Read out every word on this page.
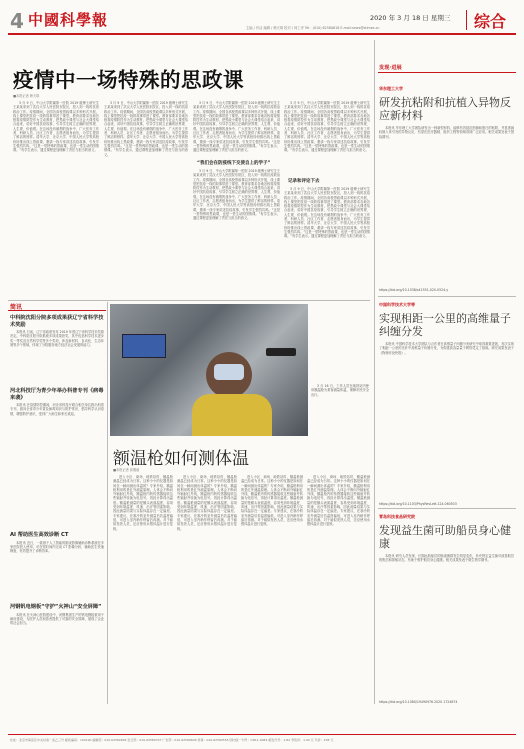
4 中國科學報	2020 年 3 月 18 日 星期三
主编 / 肖洁 编辑 / 韩天琪 校对 / 何工序 Tel：(010) 62580618 E-mail:news@stimes.cn	综合
疫情中一场特殊的思政课
■本报记者 韩天琪

3 月 9 日，中山大学附属第一医院 2019 级博士研究生王某某来到了武汉大学人民医院东院区，投入到一线的抗疫救治工作。疫情期间，全国各高校思政课以多种形式开展，线上课堂把抗疫一线的故事带进了课堂。教育部要求各地各校将疫情防控作为生动教材，把思政小课堂与社会大课堂结合起来，讲好中国抗疫故事，引导学生树立正确的世界观、人生观、价值观。在这场没有硝烟的战争中，广大医务工作者、科研人员、社区工作者、志愿者挺身而出，为学生提供了鲜活的榜样。清华大学、北京大学、中国人民大学等高校纷纷推出线上思政课，邀请一线专家讲述抗疫故事，引发学生强烈共鸣。“这是一堂特殊的思政课，也是一堂生动的国情课。”有学生表示，通过课程更加理解了责任与担当的意义。

3 月 9 日，中山大学附属第一医院 2019 级博士研究生王某某来到了武汉大学人民医院东院区，投入到一线的抗疫救治工作。疫情期间，全国各高校思政课以多种形式开展，线上课堂把抗疫一线的故事带进了课堂。教育部要求各地各校将疫情防控作为生动教材，把思政小课堂与社会大课堂结合起来，讲好中国抗疫故事，引导学生树立正确的世界观、人生观、价值观。在这场没有硝烟的战争中，广大医务工作者、科研人员、社区工作者、志愿者挺身而出，为学生提供了鲜活的榜样。清华大学、北京大学、中国人民大学等高校纷纷推出线上思政课，邀请一线专家讲述抗疫故事，引发学生强烈共鸣。“这是一堂特殊的思政课，也是一堂生动的国情课。”有学生表示，通过课程更加理解了责任与担当的意义。

3 月 9 日，中山大学附属第一医院 2019 级博士研究生王某某来到了武汉大学人民医院东院区，投入到一线的抗疫救治工作。疫情期间，全国各高校思政课以多种形式开展，线上课堂把抗疫一线的故事带进了课堂。教育部要求各地各校将疫情防控作为生动教材，把思政小课堂与社会大课堂结合起来，讲好中国抗疫故事，引导学生树立正确的世界观、人生观、价值观。在这场没有硝烟的战争中，广大医务工作者、科研人员、社区工作者、志愿者挺身而出，为学生提供了鲜活的榜样。清华大学、北京大学、中国人民大学等高校纷纷推出线上思政课，邀请一线专家讲述抗疫故事，引发学生强烈共鸣。“这是一堂特殊的思政课，也是一堂生动的国情课。”有学生表示，通过课程更加理解了责任与担当的意义。

“我们会在防疫线下交使自上的学子”

3 月 9 日，中山大学附属第一医院 2019 级博士研究生王某某来到了武汉大学人民医院东院区，投入到一线的抗疫救治工作。疫情期间，全国各高校思政课以多种形式开展，线上课堂把抗疫一线的故事带进了课堂。教育部要求各地各校将疫情防控作为生动教材，把思政小课堂与社会大课堂结合起来，讲好中国抗疫故事，引导学生树立正确的世界观、人生观、价值观。在这场没有硝烟的战争中，广大医务工作者、科研人员、社区工作者、志愿者挺身而出，为学生提供了鲜活的榜样。清华大学、北京大学、中国人民大学等高校纷纷推出线上思政课，邀请一线专家讲述抗疫故事，引发学生强烈共鸣。“这是一堂特殊的思政课，也是一堂生动的国情课。”有学生表示，通过课程更加理解了责任与担当的意义。

3 月 9 日，中山大学附属第一医院 2019 级博士研究生王某某来到了武汉大学人民医院东院区，投入到一线的抗疫救治工作。疫情期间，全国各高校思政课以多种形式开展，线上课堂把抗疫一线的故事带进了课堂。教育部要求各地各校将疫情防控作为生动教材，把思政小课堂与社会大课堂结合起来，讲好中国抗疫故事，引导学生树立正确的世界观、人生观、价值观。在这场没有硝烟的战争中，广大医务工作者、科研人员、社区工作者、志愿者挺身而出，为学生提供了鲜活的榜样。清华大学、北京大学、中国人民大学等高校纷纷推出线上思政课，邀请一线专家讲述抗疫故事，引发学生强烈共鸣。“这是一堂特殊的思政课，也是一堂生动的国情课。”有学生表示，通过课程更加理解了责任与担当的意义。

记录和评论下去

3 月 9 日，中山大学附属第一医院 2019 级博士研究生王某某来到了武汉大学人民医院东院区，投入到一线的抗疫救治工作。疫情期间，全国各高校思政课以多种形式开展，线上课堂把抗疫一线的故事带进了课堂。教育部要求各地各校将疫情防控作为生动教材，把思政小课堂与社会大课堂结合起来，讲好中国抗疫故事，引导学生树立正确的世界观、人生观、价值观。在这场没有硝烟的战争中，广大医务工作者、科研人员、社区工作者、志愿者挺身而出，为学生提供了鲜活的榜样。清华大学、北京大学、中国人民大学等高校纷纷推出线上思政课，邀请一线专家讲述抗疫故事，引发学生强烈共鸣。“这是一堂特殊的思政课，也是一堂生动的国情课。”有学生表示，通过课程更加理解了责任与担当的意义。

简讯
中科院沈阳分院多项成果获辽宁省科学技术奖励

本报讯 日前，辽宁省政府发布 2019 年度辽宁省科学技术奖励决定。中科院沈阳分院系统多项成果获奖，其中包括科学技术进步奖一等奖及自然科学奖等多个奖项，涉及新材料、自动化、生态环境等多个领域，体现了分院服务地方经济社会发展的能力。

河北科技厅为青少年举办科普专刊《病毒来袭》

本报讯 在疫情防控期间，河北省科技厅联合相关单位推出科普专刊，面向全省青少年普及病毒知识与防护常识，倡导科学认识疫情，增强防护意识，受到广大师生和家长欢迎。

AI 帮助医生高效诊断 CT

本报讯 近日，一款基于人工智能的肺炎影像辅助诊断系统在多家医院投入使用，可在短时间内完成 CT 影像分析，辅助医生快速筛查，有效提升了诊断效率。

河钢钒电钢板“守护”火神山“安全屏障”

本报讯 在火神山医院建设中，河钢集团生产的钒电钢板被用于病房建设，为医护人员和患者提供了可靠的安全屏障，展现了企业的社会担当。

3 月 16 日，工作人员在地铁站内使用额温枪为乘客测量体温，保障市民安全出行。

额温枪如何测体温
■本报记者 高雅丽

进入小区、商场、地铁站时，额温枪测温已经成为日常。这种小小的仪器是如何在一瞬间测出体温的？专家介绍，额温枪利用的是红外测温原理。人体会不断向外辐射红外线，额温枪内的传感器接收这些辐射并转换为电信号，再经计算得出温度。额温枪测量的是额头表面温度，容易受到环境温度、风速、出汗等因素影响，因此测量结果与实际体温存在一定偏差。专家建议，在寒冷的室外测量后若温度偏低，可进入室内稍作停留后再测。对于疑似发热人员，还应使用水银体温计进行复核。

进入小区、商场、地铁站时，额温枪测温已经成为日常。这种小小的仪器是如何在一瞬间测出体温的？专家介绍，额温枪利用的是红外测温原理。人体会不断向外辐射红外线，额温枪内的传感器接收这些辐射并转换为电信号，再经计算得出温度。额温枪测量的是额头表面温度，容易受到环境温度、风速、出汗等因素影响，因此测量结果与实际体温存在一定偏差。专家建议，在寒冷的室外测量后若温度偏低，可进入室内稍作停留后再测。对于疑似发热人员，还应使用水银体温计进行复核。

进入小区、商场、地铁站时，额温枪测温已经成为日常。这种小小的仪器是如何在一瞬间测出体温的？专家介绍，额温枪利用的是红外测温原理。人体会不断向外辐射红外线，额温枪内的传感器接收这些辐射并转换为电信号，再经计算得出温度。额温枪测量的是额头表面温度，容易受到环境温度、风速、出汗等因素影响，因此测量结果与实际体温存在一定偏差。专家建议，在寒冷的室外测量后若温度偏低，可进入室内稍作停留后再测。对于疑似发热人员，还应使用水银体温计进行复核。

进入小区、商场、地铁站时，额温枪测温已经成为日常。这种小小的仪器是如何在一瞬间测出体温的？专家介绍，额温枪利用的是红外测温原理。人体会不断向外辐射红外线，额温枪内的传感器接收这些辐射并转换为电信号，再经计算得出温度。额温枪测量的是额头表面温度，容易受到环境温度、风速、出汗等因素影响，因此测量结果与实际体温存在一定偏差。专家建议，在寒冷的室外测量后若温度偏低，可进入室内稍作停留后再测。对于疑似发热人员，还应使用水银体温计进行复核。

发现·进展
华东理工大学
研发抗粘附和抗植入异物反应新材料

本报讯 华东理工大学团队研发出一种新型材料，能够有效抵抗细菌和蛋白的粘附，并显著减轻植入体引发的异物反应，有望在医疗器械、组织工程等领域得到广泛应用。相关成果发表于国际期刊。

https://doi.org/10.1038/s41551-020-0524-y
中国科学技术大学等
实现相距一公里的高维量子纠缠分发

本报讯 中国科学技术大学团队与合作者在高维量子纠缠分发研究中取得重要进展，首次实现了相距一公里的光纤中高维量子纠缠分发，为构建高容量量子网络奠定了基础。研究成果发表于《物理评论快报》。

https://doi.org/10.1103/PhysRevLett.124.060503
青岛科技食品研究院
发现益生菌可助船员身心健康

本报讯 研究人员发现，长期远航船员的肠道菌群发生明显变化，补充特定益生菌可改善船员的焦虑和抑郁状态，有助于维护船员身心健康。相关成果发表于微生物学期刊。

https://doi.org/10.1080/19490976.2020.1724874
社址：北京市海淀区中关村南一条乙三号 邮政编码：100190 编辑部：010-62580699 发行部：010-62580707 广告部：010-62580608 传真：010-62580555 国内统一刊号：CN11-0084 邮发代号：1-82 零售价：1.00 元 年价：238 元
